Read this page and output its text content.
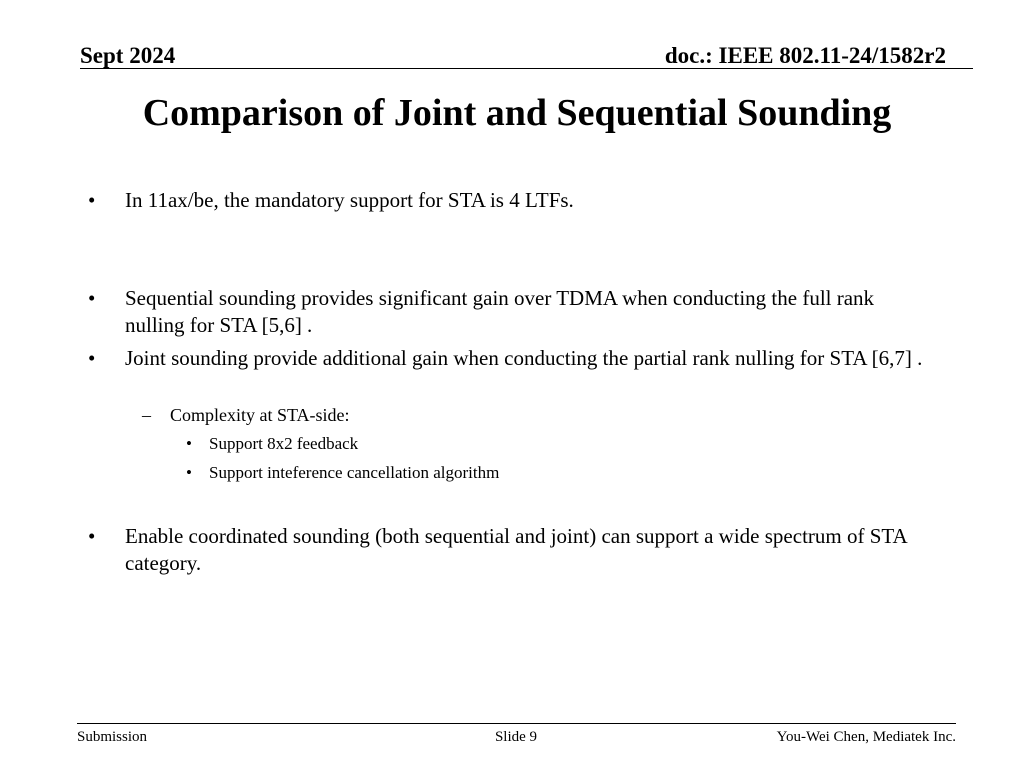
Sept 2024	doc.: IEEE 802.11-24/1582r2
Comparison of Joint and Sequential Sounding
• In 11ax/be, the mandatory support for STA is 4 LTFs.
• Sequential sounding provides significant gain over TDMA when conducting the full rank nulling for STA [5,6] .
• Joint sounding provide additional gain when conducting the partial rank nulling for STA [6,7] .
– Complexity at STA-side:
• Support 8x2 feedback
• Support inteference cancellation algorithm
• Enable coordinated sounding (both sequential and joint) can support a wide spectrum of STA category.
Submission	Slide 9	You-Wei Chen, Mediatek Inc.
